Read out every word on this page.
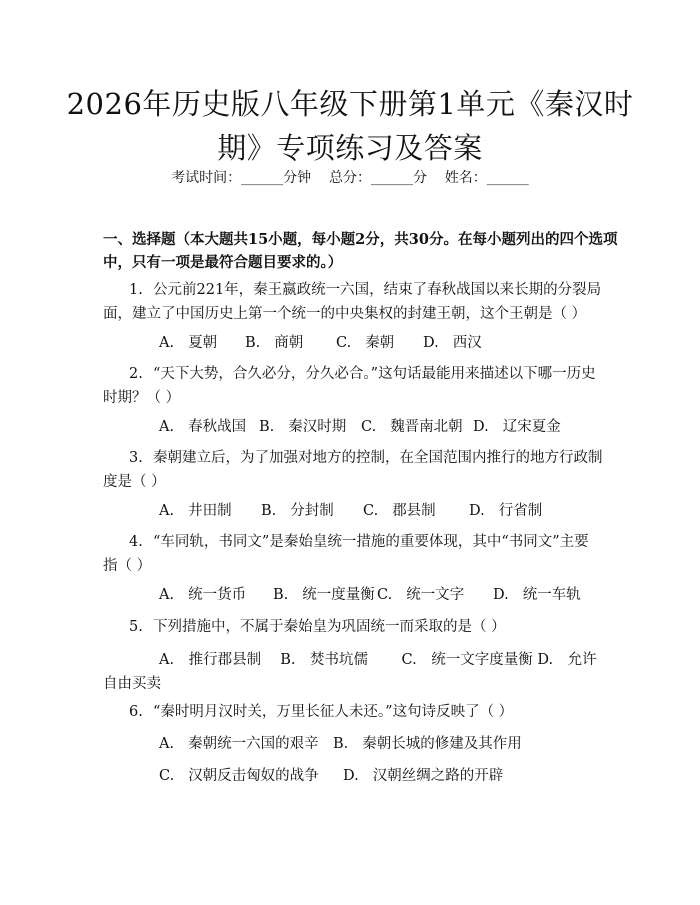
2026年历史版八年级下册第1单元《秦汉时期》专项练习及答案
考试时间：______分钟    总分：______分    姓名：______
一、选择题（本大题共15小题，每小题2分，共30分。在每小题列出的四个选项中，只有一项是最符合题目要求的。）
1. 公元前221年，秦王嬴政统一六国，结束了春秋战国以来长期的分裂局面，建立了中国历史上第一个统一的中央集权的封建王朝，这个王朝是（ ）
A. 夏朝 B. 商朝 C. 秦朝 D. 西汉
2. “天下大势，合久必分，分久必合。”这句话最能用来描述以下哪一历史时期？（ ）
A. 春秋战国 B. 秦汉时期 C. 魏晋南北朝 D. 辽宋夏金
3. 秦朝建立后，为了加强对地方的控制，在全国范围内推行的地方行政制度是（ ）
A. 井田制 B. 分封制 C. 郡县制 D. 行省制
4. “车同轨，书同文”是秦始皇统一措施的重要体现，其中“书同文”主要指（ ）
A. 统一货币 B. 统一度量衡 C. 统一文字 D. 统一车轨
5. 下列措施中，不属于秦始皇为巩固统一而采取的是（ ）
A.　推行郡县制　 B.　焚书坑儒　　 C.　统一文字度量衡 D.　允许自由买卖
6. “秦时明月汉时关，万里长征人未还。”这句诗反映了（ ）
A. 秦朝统一六国的艰辛 B. 秦朝长城的修建及其作用
C. 汉朝反击匈奴的战争 D. 汉朝丝绸之路的开辟
